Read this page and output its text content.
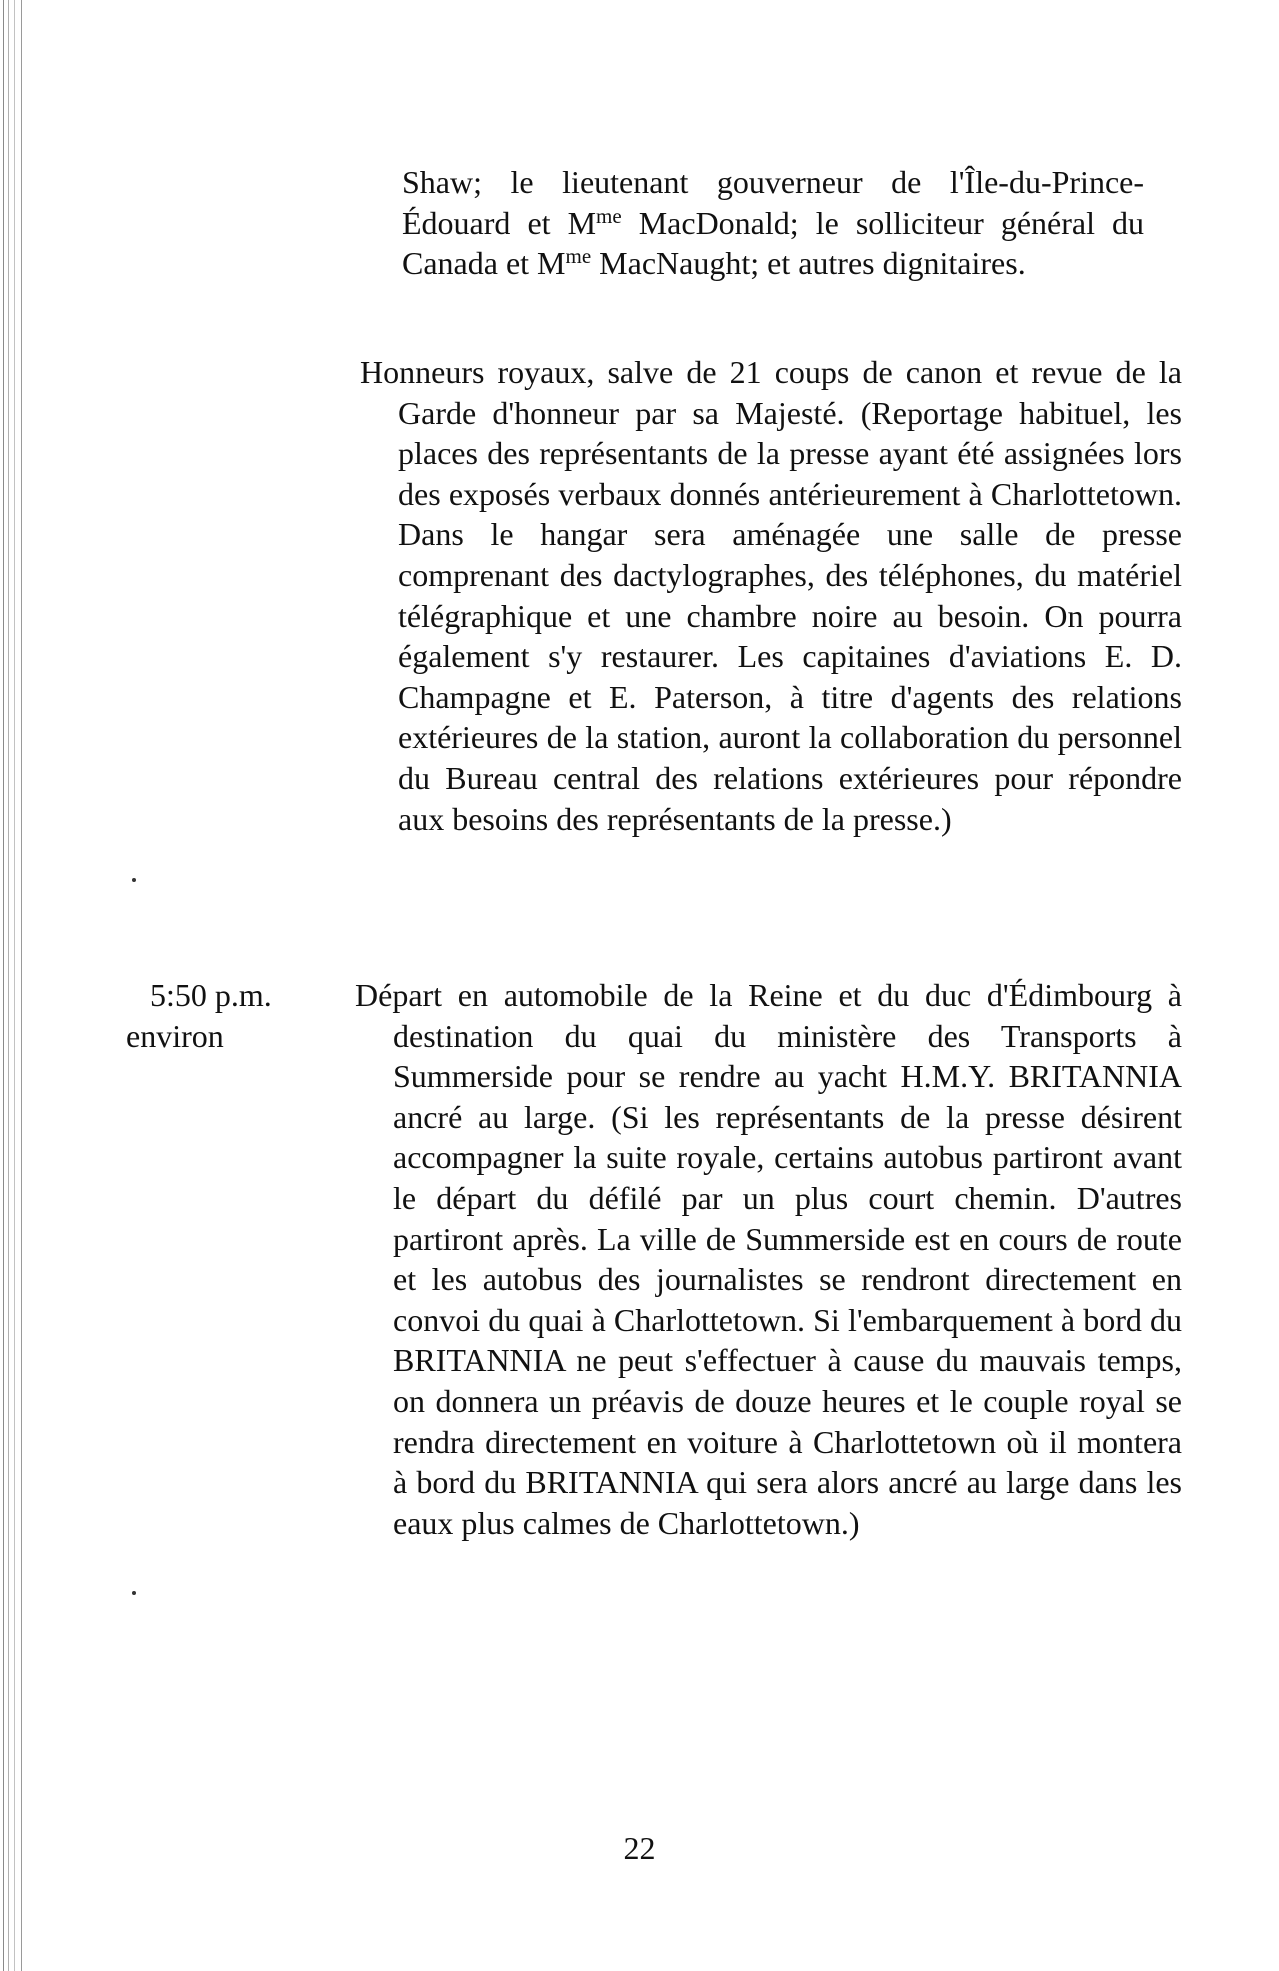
Shaw; le lieutenant gouverneur de l'Île-du-Prince-Édouard et $M^{me}$ MacDonald; le solliciteur général du Canada et $M^{me}$ MacNaught; et autres dignitaires.

Honneurs royaux, salve de 21 coups de canon et revue de la Garde d'honneur par sa Majesté. (Reportage habituel, les places des représentants de la presse ayant été assignées lors des exposés verbaux donnés antérieurement à Charlottetown. Dans le hangar sera aménagée une salle de presse comprenant des dactylographes, des téléphones, du matériel télégraphique et une chambre noire au besoin. On pourra également s'y restaurer. Les capitaines d'aviations E. D. Champagne et E. Paterson, à titre d'agents des relations extérieures de la station, auront la collaboration du personnel du Bureau central des relations extérieures pour répondre aux besoins des représentants de la presse.)

5:50 p.m.
environ

Départ en automobile de la Reine et du duc d'Édimbourg à destination du quai du ministère des Transports à Summerside pour se rendre au yacht H.M.Y. BRITANNIA ancré au large. (Si les représentants de la presse désirent accompagner la suite royale, certains autobus partiront avant le départ du défilé par un plus court chemin. D'autres partiront après. La ville de Summerside est en cours de route et les autobus des journalistes se rendront directement en convoi du quai à Charlottetown. Si l'embarquement à bord du BRITANNIA ne peut s'effectuer à cause du mauvais temps, on donnera un préavis de douze heures et le couple royal se rendra directement en voiture à Charlottetown où il montera à bord du BRITANNIA qui sera alors ancré au large dans les eaux plus calmes de Charlottetown.)

22
